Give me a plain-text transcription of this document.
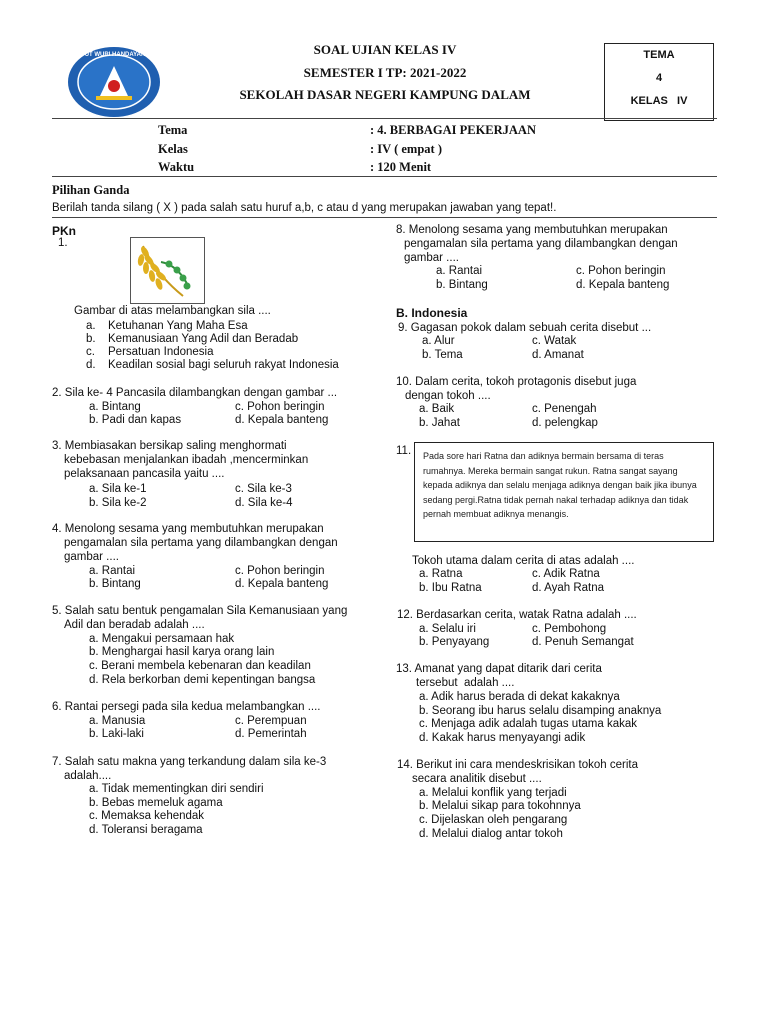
TUT WURI HANDAYANI	SOAL UJIAN KELAS IV
SEMESTER I TP: 2021-2022
SEKOLAH DASAR NEGERI KAMPUNG DALAM
TEMA
4
KELAS   IV
Tema	: 4. BERBAGAI PEKERJAAN
Kelas	: IV ( empat )
Waktu	: 120 Menit
Pilihan Ganda
Berilah tanda silang ( X ) pada salah satu huruf a,b, c atau d yang merupakan jawaban yang tepat!.
PKn
1.
Gambar di atas melambangkan sila ....
a. Ketuhanan Yang Maha Esa
b. Kemanusiaan Yang Adil dan Beradab
c. Persatuan Indonesia
d. Keadilan sosial bagi seluruh rakyat Indonesia
2. Sila ke- 4 Pancasila dilambangkan dengan gambar ...
a. Bintang	c. Pohon beringin
b. Padi dan kapas	d. Kepala banteng
3. Membiasakan bersikap saling menghormati
kebebasan menjalankan ibadah ,mencerminkan
pelaksanaan pancasila yaitu ....
a. Sila ke-1	c. Sila ke-3
b. Sila ke-2	d. Sila ke-4
4. Menolong sesama yang membutuhkan merupakan
pengamalan sila pertama yang dilambangkan dengan
gambar ....
a. Rantai	c. Pohon beringin
b. Bintang	d. Kepala banteng
5. Salah satu bentuk pengamalan Sila Kemanusiaan yang
Adil dan beradab adalah ....
a. Mengakui persamaan hak
b. Menghargai hasil karya orang lain
c. Berani membela kebenaran dan keadilan
d. Rela berkorban demi kepentingan bangsa
6. Rantai persegi pada sila kedua melambangkan ....
a. Manusia	c. Perempuan
b. Laki-laki	d. Pemerintah
7. Salah satu makna yang terkandung dalam sila ke-3
adalah....
a. Tidak mementingkan diri sendiri
b. Bebas memeluk agama
c. Memaksa kehendak
d. Toleransi beragama
8. Menolong sesama yang membutuhkan merupakan
pengamalan sila pertama yang dilambangkan dengan
gambar ....
a. Rantai	c. Pohon beringin
b. Bintang	d. Kepala banteng
B. Indonesia
9. Gagasan pokok dalam sebuah cerita disebut ...
a. Alur	c. Watak
b. Tema	d. Amanat
10. Dalam cerita, tokoh protagonis disebut juga
dengan tokoh ....
a. Baik	c. Penengah
b. Jahat	d. pelengkap
11. Pada sore hari Ratna dan adiknya bermain bersama di teras rumahnya. Mereka bermain sangat rukun. Ratna sangat sayang kepada adiknya dan selalu menjaga adiknya dengan baik jika ibunya sedang pergi.Ratna tidak pernah nakal terhadap adiknya dan tidak pernah membuat adiknya menangis.
Tokoh utama dalam cerita di atas adalah ....
a. Ratna	c. Adik Ratna
b. Ibu Ratna	d. Ayah Ratna
12. Berdasarkan cerita, watak Ratna adalah ....
a. Selalu iri	c. Pembohong
b. Penyayang	d. Penuh Semangat
13. Amanat yang dapat ditarik dari cerita
tersebut  adalah ....
a. Adik harus berada di dekat kakaknya
b. Seorang ibu harus selalu disamping anaknya
c. Menjaga adik adalah tugas utama kakak
d. Kakak harus menyayangi adik
14. Berikut ini cara mendeskrisikan tokoh cerita
secara analitik disebut ....
a. Melalui konflik yang terjadi
b. Melalui sikap para tokohnnya
c. Dijelaskan oleh pengarang
d. Melalui dialog antar tokoh
